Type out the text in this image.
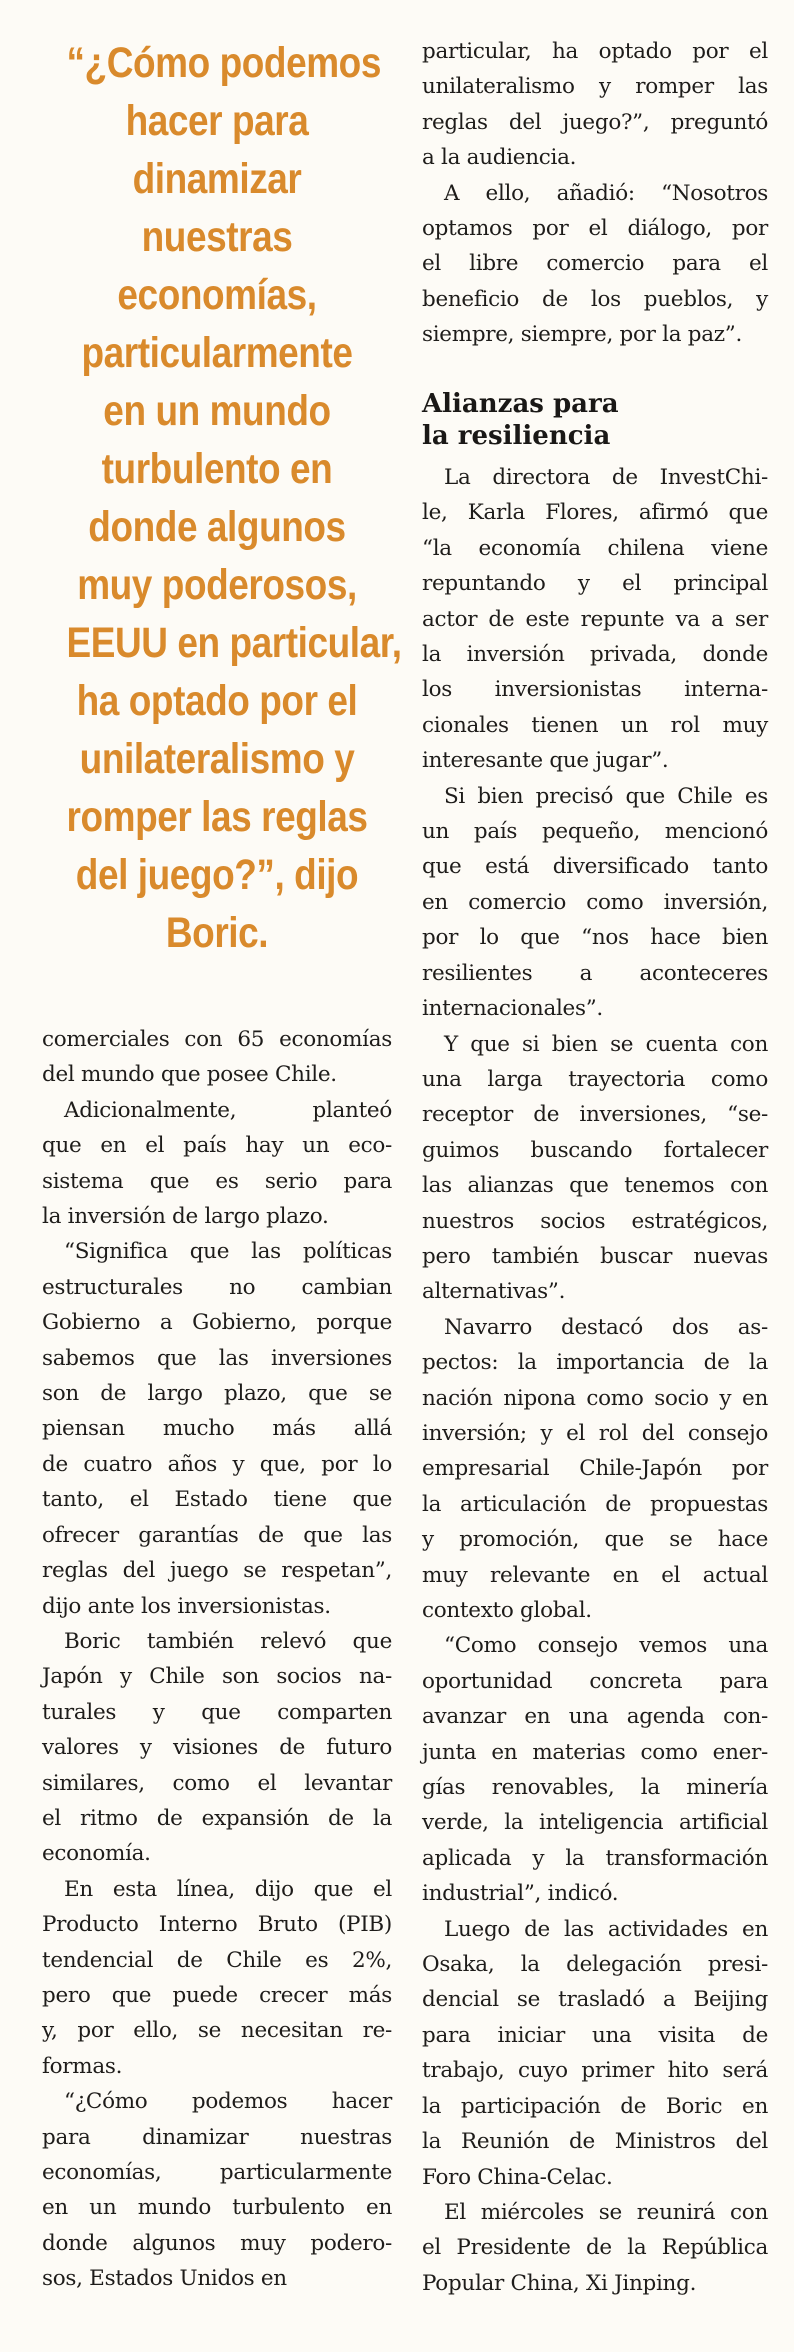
“¿Cómo podemos
hacer para
dinamizar
nuestras
economías,
particularmente
en un mundo
turbulento en
donde algunos
muy poderosos,
EEUU en particular,
ha optado por el
unilateralismo y
romper las reglas
del juego?”, dijo
Boric.
comerciales con 65 economías
del mundo que posee Chile.
Adicionalmente, planteó
que en el país hay un eco-
sistema que es serio para
la inversión de largo plazo.
“Significa que las políticas
estructurales no cambian
Gobierno a Gobierno, porque
sabemos que las inversiones
son de largo plazo, que se
piensan mucho más allá
de cuatro años y que, por lo
tanto, el Estado tiene que
ofrecer garantías de que las
reglas del juego se respetan”,
dijo ante los inversionistas.
Boric también relevó que
Japón y Chile son socios na-
turales y que comparten
valores y visiones de futuro
similares, como el levantar
el ritmo de expansión de la
economía.
En esta línea, dijo que el
Producto Interno Bruto (PIB)
tendencial de Chile es 2%,
pero que puede crecer más
y, por ello, se necesitan re-
formas.
“¿Cómo podemos hacer
para dinamizar nuestras
economías, particularmente
en un mundo turbulento en
donde algunos muy podero-
sos, Estados Unidos en
particular, ha optado por el
unilateralismo y romper las
reglas del juego?”, preguntó
a la audiencia.
A ello, añadió: “Nosotros
optamos por el diálogo, por
el libre comercio para el
beneficio de los pueblos, y
siempre, siempre, por la paz”.
Alianzas para
la resiliencia
La directora de InvestChi-
le, Karla Flores, afirmó que
“la economía chilena viene
repuntando y el principal
actor de este repunte va a ser
la inversión privada, donde
los inversionistas interna-
cionales tienen un rol muy
interesante que jugar”.
Si bien precisó que Chile es
un país pequeño, mencionó
que está diversificado tanto
en comercio como inversión,
por lo que “nos hace bien
resilientes a aconteceres
internacionales”.
Y que si bien se cuenta con
una larga trayectoria como
receptor de inversiones, “se-
guimos buscando fortalecer
las alianzas que tenemos con
nuestros socios estratégicos,
pero también buscar nuevas
alternativas”.
Navarro destacó dos as-
pectos: la importancia de la
nación nipona como socio y en
inversión; y el rol del consejo
empresarial Chile-Japón por
la articulación de propuestas
y promoción, que se hace
muy relevante en el actual
contexto global.
“Como consejo vemos una
oportunidad concreta para
avanzar en una agenda con-
junta en materias como ener-
gías renovables, la minería
verde, la inteligencia artificial
aplicada y la transformación
industrial”, indicó.
Luego de las actividades en
Osaka, la delegación presi-
dencial se trasladó a Beijing
para iniciar una visita de
trabajo, cuyo primer hito será
la participación de Boric en
la Reunión de Ministros del
Foro China-Celac.
El miércoles se reunirá con
el Presidente de la República
Popular China, Xi Jinping.
